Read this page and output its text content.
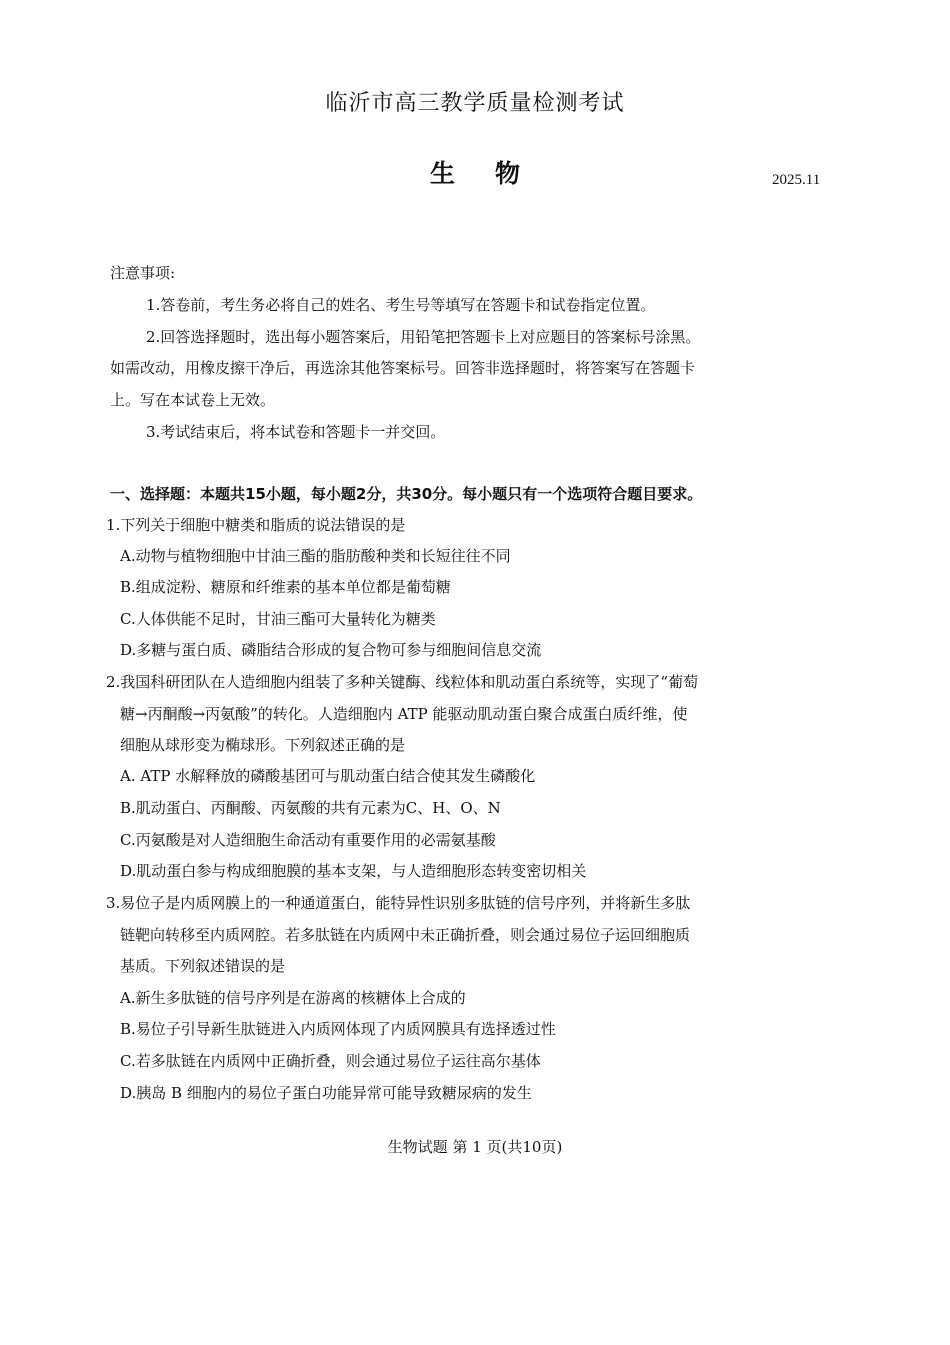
临沂市高三教学质量检测考试
生物	2025.11
注意事项:
1.答卷前，考生务必将自己的姓名、考生号等填写在答题卡和试卷指定位置。
2.回答选择题时，选出每小题答案后，用铅笔把答题卡上对应题目的答案标号涂黑。
如需改动，用橡皮擦干净后，再选涂其他答案标号。回答非选择题时，将答案写在答题卡
上。写在本试卷上无效。
3.考试结束后，将本试卷和答题卡一并交回。
一、选择题：本题共15小题，每小题2分，共30分。每小题只有一个选项符合题目要求。
1.下列关于细胞中糖类和脂质的说法错误的是
A.动物与植物细胞中甘油三酯的脂肪酸种类和长短往往不同
B.组成淀粉、糖原和纤维素的基本单位都是葡萄糖
C.人体供能不足时，甘油三酯可大量转化为糖类
D.多糖与蛋白质、磷脂结合形成的复合物可参与细胞间信息交流
2.我国科研团队在人造细胞内组装了多种关键酶、线粒体和肌动蛋白系统等，实现了“葡萄
糖→丙酮酸→丙氨酸”的转化。人造细胞内 ATP 能驱动肌动蛋白聚合成蛋白质纤维，使
细胞从球形变为椭球形。下列叙述正确的是
A. ATP 水解释放的磷酸基团可与肌动蛋白结合使其发生磷酸化
B.肌动蛋白、丙酮酸、丙氨酸的共有元素为C、H、O、N
C.丙氨酸是对人造细胞生命活动有重要作用的必需氨基酸
D.肌动蛋白参与构成细胞膜的基本支架，与人造细胞形态转变密切相关
3.易位子是内质网膜上的一种通道蛋白，能特异性识别多肽链的信号序列，并将新生多肽
链靶向转移至内质网腔。若多肽链在内质网中未正确折叠，则会通过易位子运回细胞质
基质。下列叙述错误的是
A.新生多肽链的信号序列是在游离的核糖体上合成的
B.易位子引导新生肽链进入内质网体现了内质网膜具有选择透过性
C.若多肽链在内质网中正确折叠，则会通过易位子运往高尔基体
D.胰岛 B 细胞内的易位子蛋白功能异常可能导致糖尿病的发生
生物试题 第 1 页(共10页)
